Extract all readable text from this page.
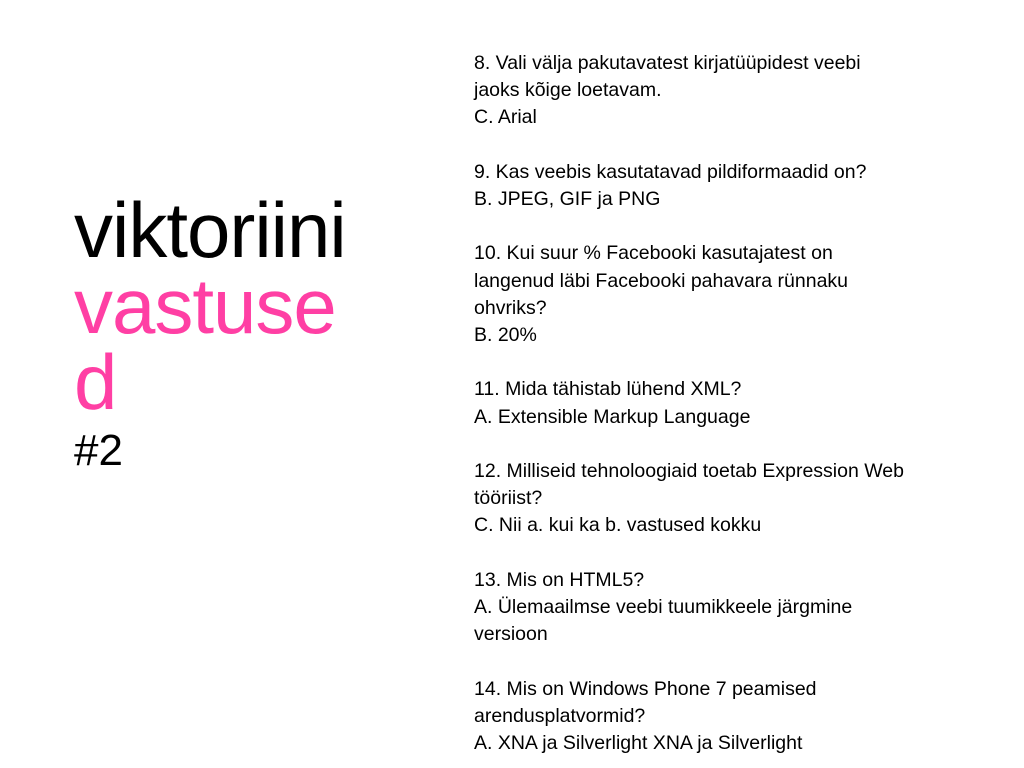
viktoriini
vastuse
d
#2

8. Vali välja pakutavatest kirjatüüpidest veebi

jaoks kõige loetavam.

C. Arial

9. Kas veebis kasutatavad pildiformaadid on?

B. JPEG, GIF ja PNG

10. Kui suur % Facebooki kasutajatest on

langenud läbi Facebooki pahavara rünnaku

ohvriks?

B. 20%

11. Mida tähistab lühend XML?

A. Extensible Markup Language

12. Milliseid tehnoloogiaid toetab Expression Web

tööriist?

C. Nii a. kui ka b. vastused kokku

13. Mis on HTML5?

A. Ülemaailmse veebi tuumikkeele järgmine

versioon

14. Mis on Windows Phone 7 peamised

arendusplatvormid?

A. XNA ja Silverlight XNA ja Silverlight
